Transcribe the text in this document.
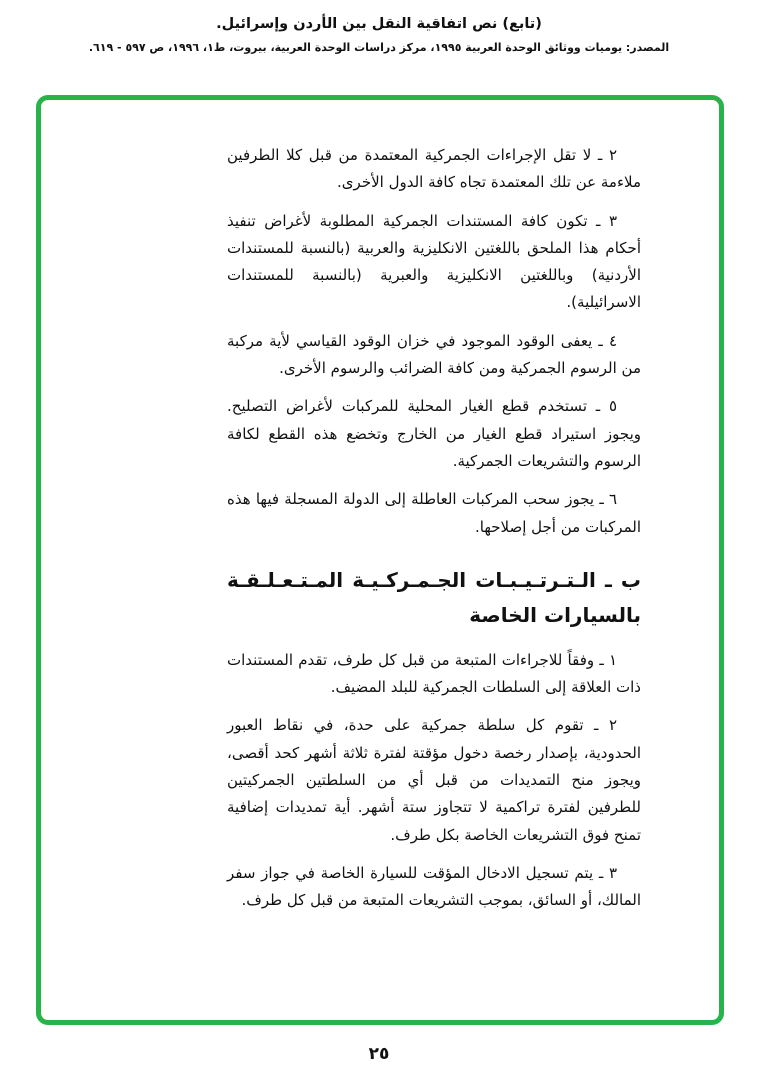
(تابع) نص اتفاقية النقل بين الأردن وإسرائيل.
المصدر: يوميات ووثائق الوحدة العربية ١٩٩٥، مركز دراسات الوحدة العربية، بيروت، ط١، ١٩٩٦، ص ٥٩٧ - ٦١٩.

٢ ـ لا تقل الإجراءات الجمركية المعتمدة من قبل كلا الطرفين ملاءمة عن تلك المعتمدة تجاه كافة الدول الأخرى.

٣ ـ تكون كافة المستندات الجمركية المطلوبة لأغراض تنفيذ أحكام هذا الملحق باللغتين الانكليزية والعربية (بالنسبة للمستندات الأردنية) وباللغتين الانكليزية والعبرية (بالنسبة للمستندات الاسرائيلية).

٤ ـ يعفى الوقود الموجود في خزان الوقود القياسي لأية مركبة من الرسوم الجمركية ومن كافة الضرائب والرسوم الأخرى.

٥ ـ تستخدم قطع الغيار المحلية للمركبات لأغراض التصليح. ويجوز استيراد قطع الغيار من الخارج وتخضع هذه القطع لكافة الرسوم والتشريعات الجمركية.

٦ ـ يجوز سحب المركبات العاطلة إلى الدولة المسجلة فيها هذه المركبات من أجل إصلاحها.

ب ـ الـتـرتـيـبـات الجـمـركـيـة المـتـعـلـقـة
بالسيارات الخاصة

١ ـ وفقاً للاجراءات المتبعة من قبل كل طرف، تقدم المستندات ذات العلاقة إلى السلطات الجمركية للبلد المضيف.

٢ ـ تقوم كل سلطة جمركية على حدة، في نقاط العبور الحدودية، بإصدار رخصة دخول مؤقتة لفترة ثلاثة أشهر كحد أقصى، ويجوز منح التمديدات من قبل أي من السلطتين الجمركيتين للطرفين لفترة تراكمية لا تتجاوز ستة أشهر. أية تمديدات إضافية تمنح فوق التشريعات الخاصة بكل طرف.

٣ ـ يتم تسجيل الادخال المؤقت للسيارة الخاصة في جواز سفر المالك، أو السائق، بموجب التشريعات المتبعة من قبل كل طرف.

٢٥
